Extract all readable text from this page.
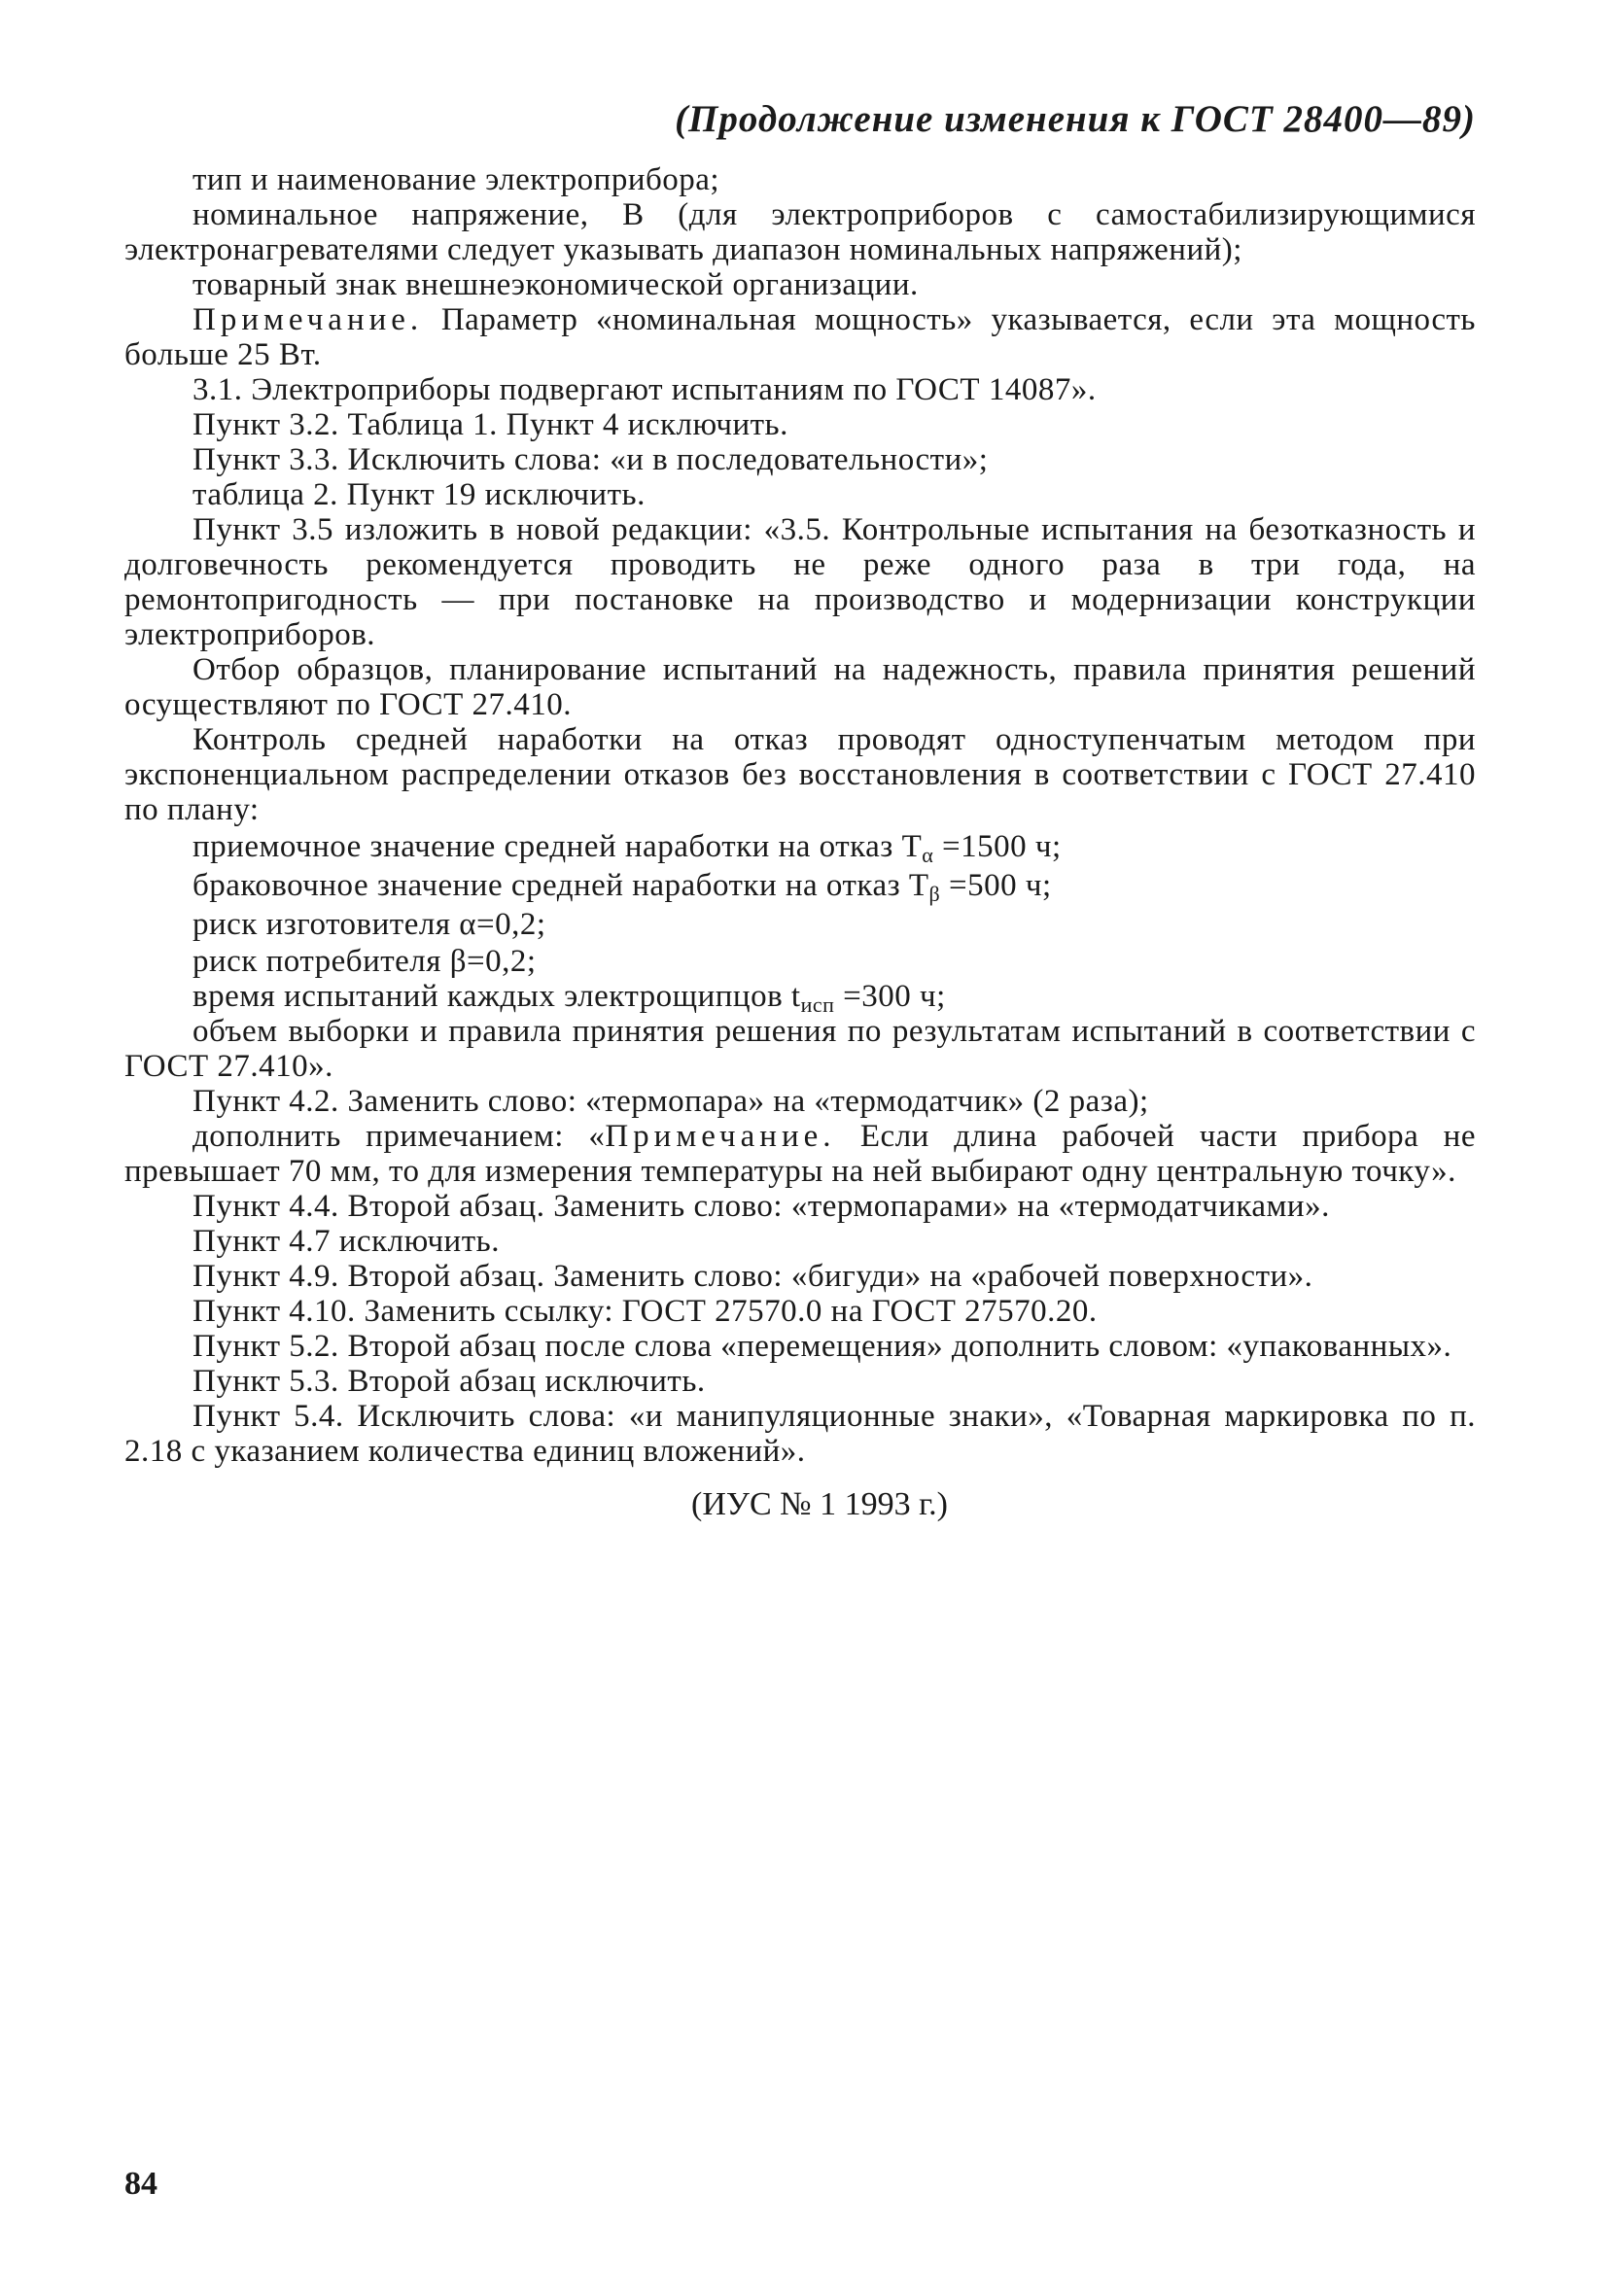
(Продолжение изменения к ГОСТ 28400—89)

тип и наименование электроприбора;

номинальное напряжение, В (для электроприборов с самостабилизирующимися электронагревателями следует указывать диапазон номинальных напряжений);

товарный знак внешнеэкономической организации.

Примечание. Параметр «номинальная мощность» указывается, если эта мощность больше 25 Вт.

3.1. Электроприборы подвергают испытаниям по ГОСТ 14087».

Пункт 3.2. Таблица 1. Пункт 4 исключить.

Пункт 3.3. Исключить слова: «и в последовательности»;

таблица 2. Пункт 19 исключить.

Пункт 3.5 изложить в новой редакции: «3.5. Контрольные испытания на безотказность и долговечность рекомендуется проводить не реже одного раза в три года, на ремонтопригодность — при постановке на производство и модернизации конструкции электроприборов.

Отбор образцов, планирование испытаний на надежность, правила принятия решений осуществляют по ГОСТ 27.410.

Контроль средней наработки на отказ проводят одноступенчатым методом при экспоненциальном распределении отказов без восстановления в соответствии с ГОСТ 27.410 по плану:

приемочное значение средней наработки на отказ $T_\alpha =1500$ ч;

браковочное значение средней наработки на отказ $T_\beta =500$ ч;

риск изготовителя α=0,2;

риск потребителя β=0,2;

время испытаний каждых электрощипцов $t_{исп} =300$ ч;

объем выборки и правила принятия решения по результатам испытаний в соответствии с ГОСТ 27.410».

Пункт 4.2. Заменить слово: «термопара» на «термодатчик» (2 раза);

дополнить примечанием: «Примечание. Если длина рабочей части прибора не превышает 70 мм, то для измерения температуры на ней выбирают одну центральную точку».

Пункт 4.4. Второй абзац. Заменить слово: «термопарами» на «термодатчиками».

Пункт 4.7 исключить.

Пункт 4.9. Второй абзац. Заменить слово: «бигуди» на «рабочей поверхности».

Пункт 4.10. Заменить ссылку: ГОСТ 27570.0 на ГОСТ 27570.20.

Пункт 5.2. Второй абзац после слова «перемещения» дополнить словом: «упакованных».

Пункт 5.3. Второй абзац исключить.

Пункт 5.4. Исключить слова: «и манипуляционные знаки», «Товарная маркировка по п. 2.18 с указанием количества единиц вложений».

(ИУС № 1 1993 г.)
84
